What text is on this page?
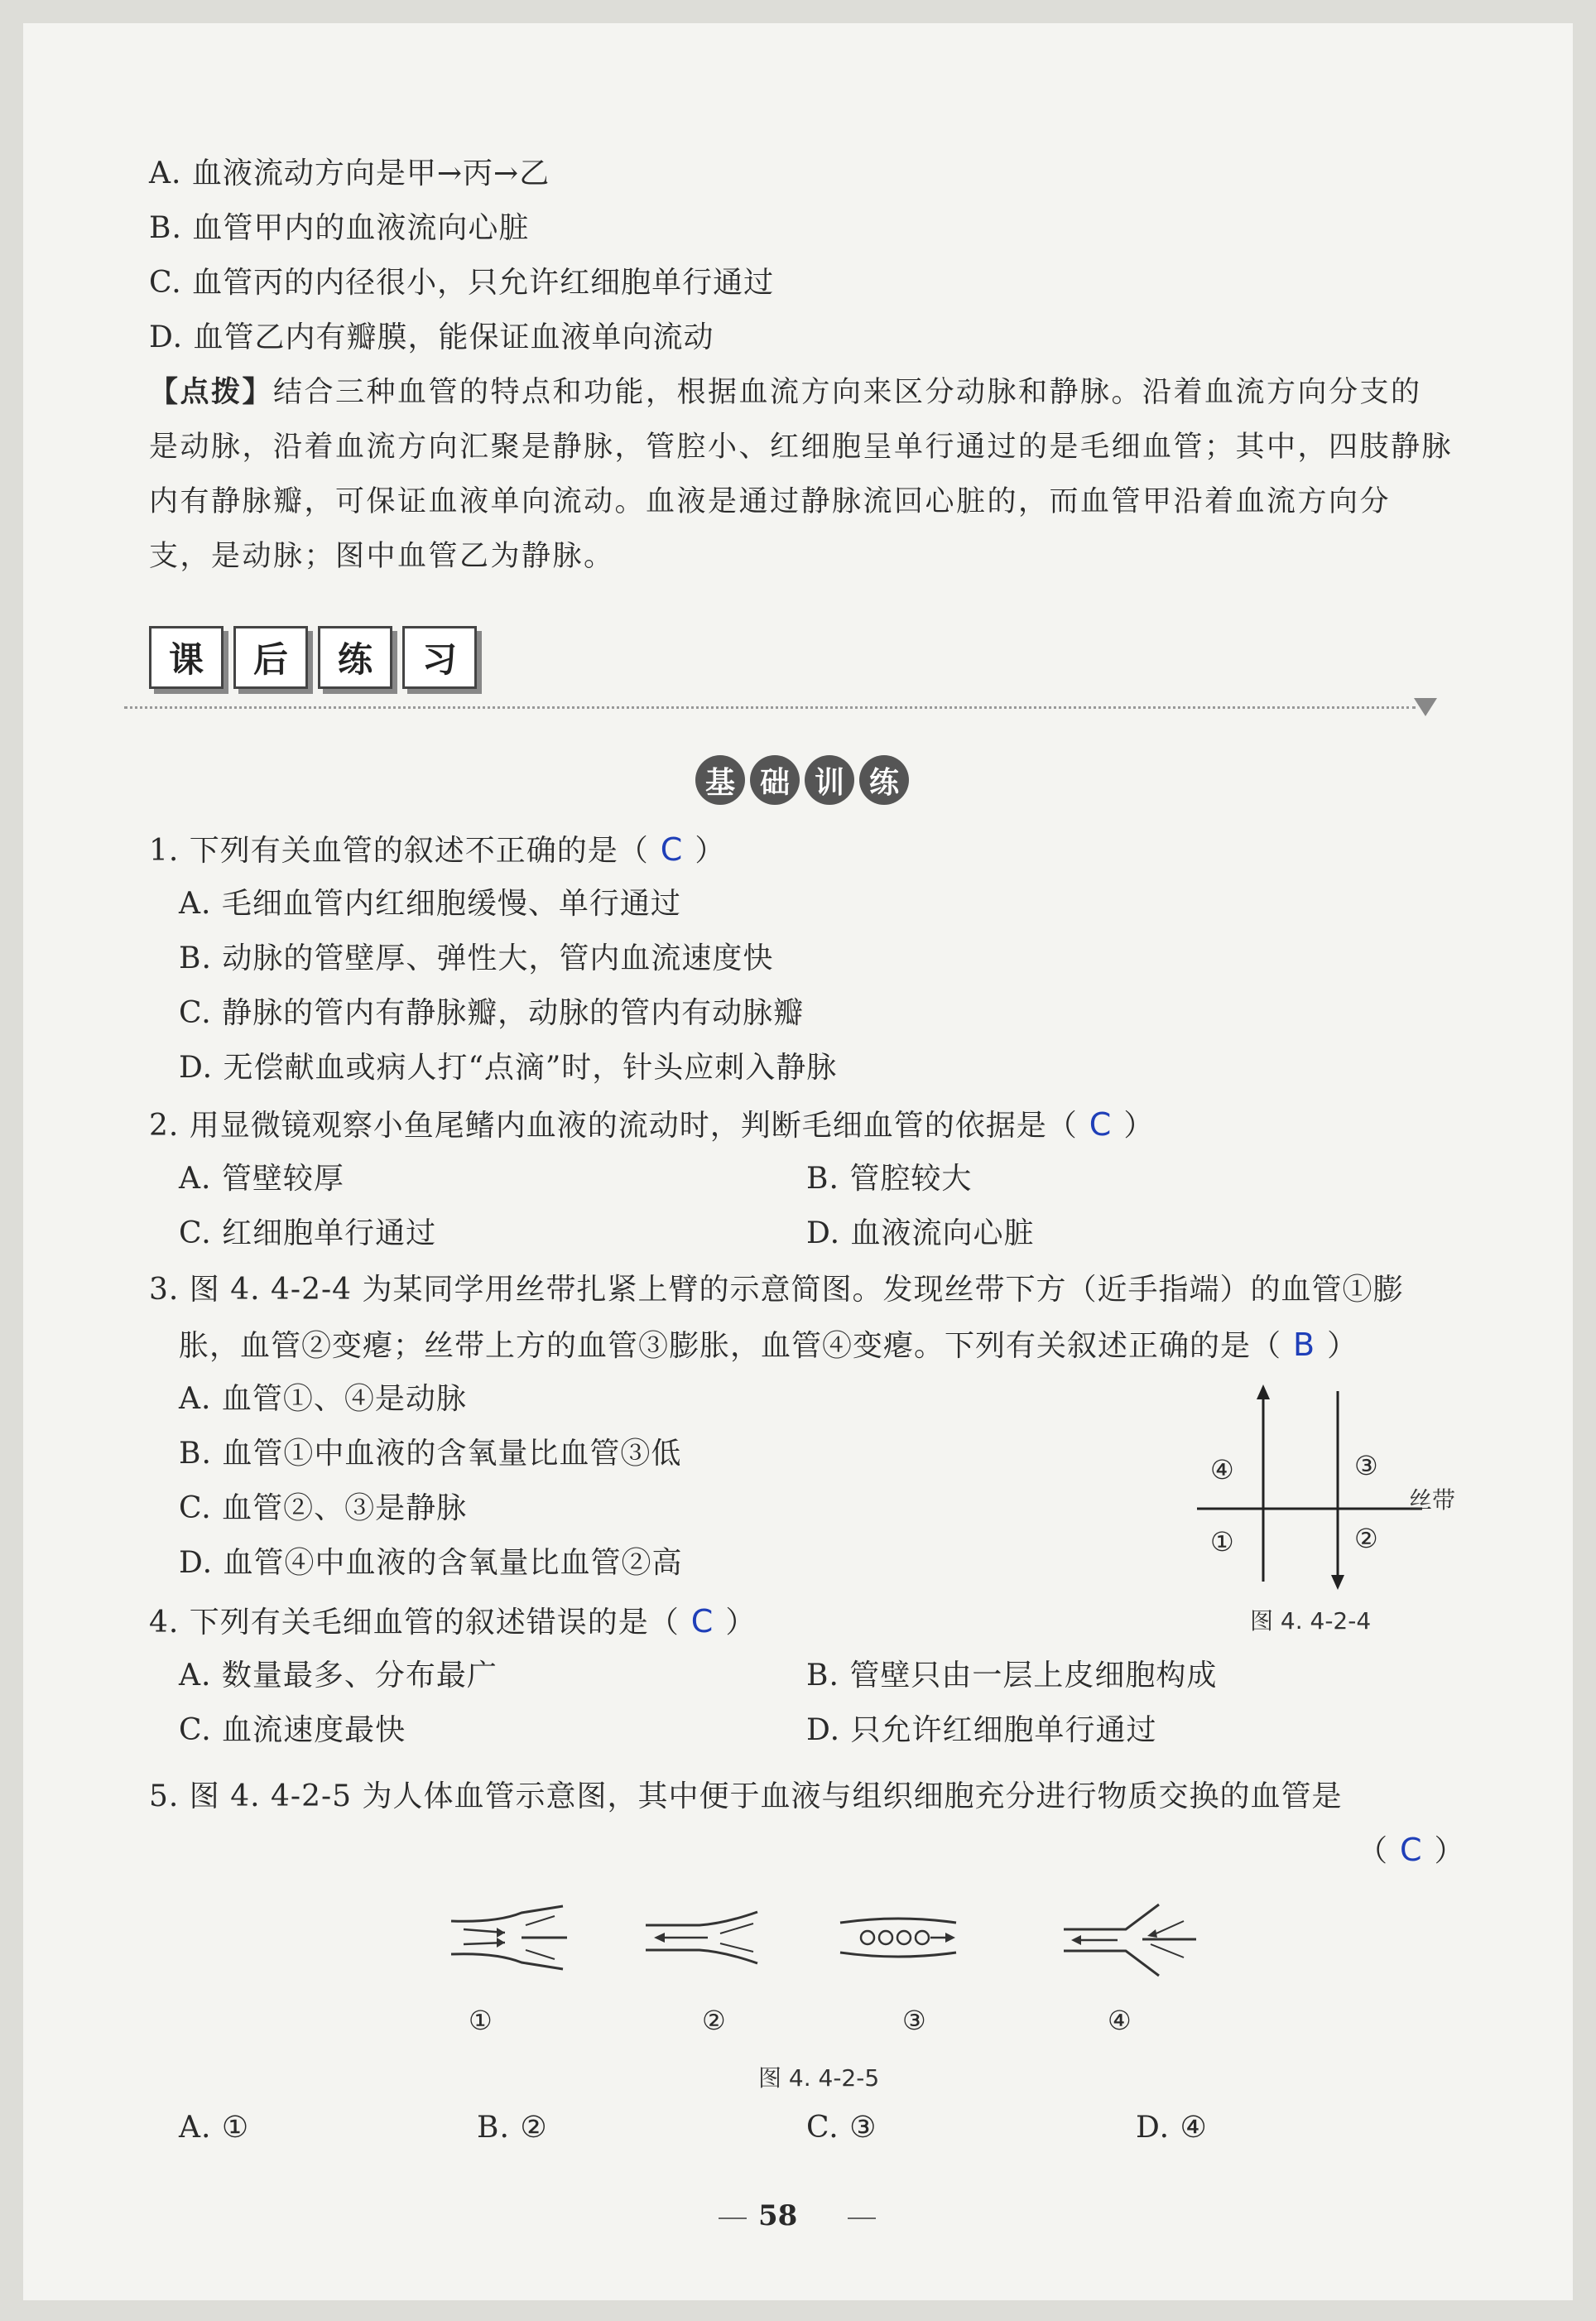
A. 血液流动方向是甲→丙→乙
B. 血管甲内的血液流向心脏
C. 血管丙的内径很小，只允许红细胞单行通过
D. 血管乙内有瓣膜，能保证血液单向流动
【点拨】结合三种血管的特点和功能，根据血流方向来区分动脉和静脉。沿着血流方向分支的
是动脉，沿着血流方向汇聚是静脉，管腔小、红细胞呈单行通过的是毛细血管；其中，四肢静脉
内有静脉瓣，可保证血液单向流动。血液是通过静脉流回心脏的，而血管甲沿着血流方向分
支，是动脉；图中血管乙为静脉。
课	后	练	习
基 础 训 练
1. 下列有关血管的叙述不正确的是（ C ）
A. 毛细血管内红细胞缓慢、单行通过
B. 动脉的管壁厚、弹性大，管内血流速度快
C. 静脉的管内有静脉瓣，动脉的管内有动脉瓣
D. 无偿献血或病人打“点滴”时，针头应刺入静脉
2. 用显微镜观察小鱼尾鳍内血液的流动时，判断毛细血管的依据是（ C ）
A. 管壁较厚	B. 管腔较大
C. 红细胞单行通过	D. 血液流向心脏
3. 图 4. 4-2-4 为某同学用丝带扎紧上臂的示意简图。发现丝带下方（近手指端）的血管①膨
胀，血管②变瘪；丝带上方的血管③膨胀，血管④变瘪。下列有关叙述正确的是（ B ）
A. 血管①、④是动脉
B. 血管①中血液的含氧量比血管③低
C. 血管②、③是静脉
D. 血管④中血液的含氧量比血管②高
④	③
①	②
丝带
图 4. 4-2-4
4. 下列有关毛细血管的叙述错误的是（ C ）
A. 数量最多、分布最广	B. 管壁只由一层上皮细胞构成
C. 血流速度最快	D. 只允许红细胞单行通过
5. 图 4. 4-2-5 为人体血管示意图，其中便于血液与组织细胞充分进行物质交换的血管是
（ C ）
①	②	③	④
图 4. 4-2-5
A. ①	B. ②	C. ③	D. ④
58
